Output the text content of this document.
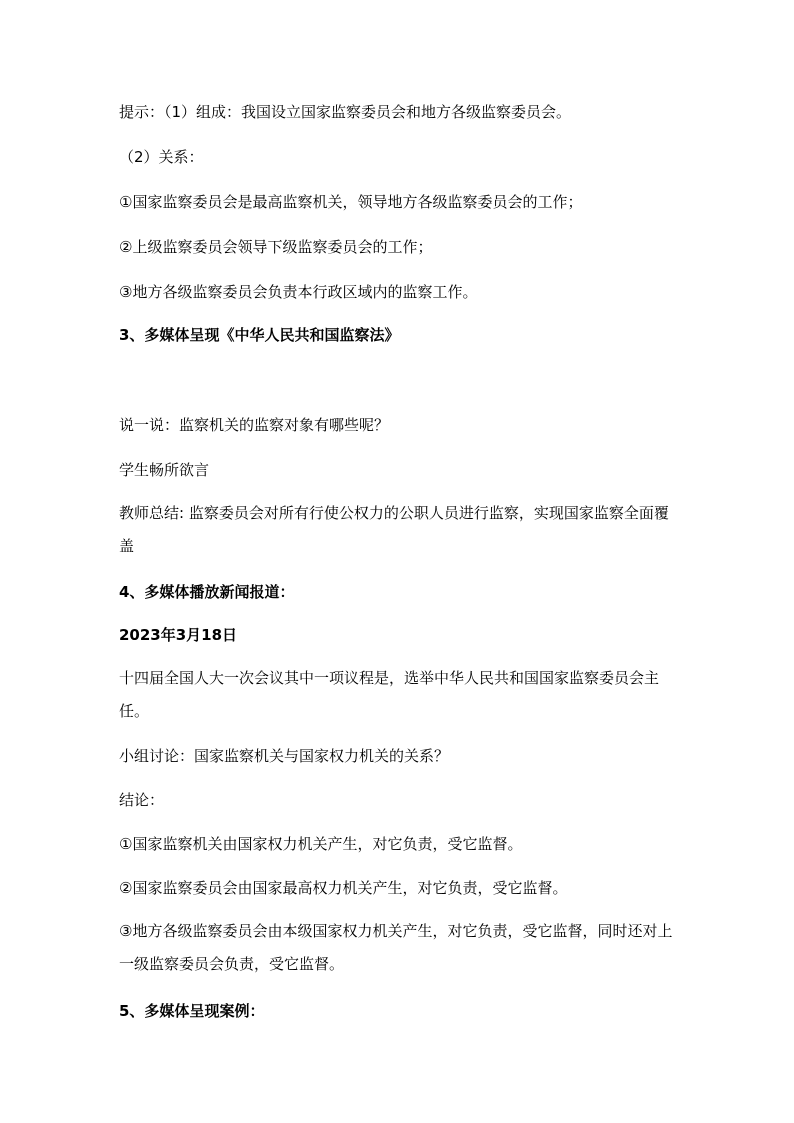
提示：（1）组成：我国设立国家监察委员会和地方各级监察委员会。
（2）关系：
①国家监察委员会是最高监察机关，领导地方各级监察委员会的工作；
②上级监察委员会领导下级监察委员会的工作；
③地方各级监察委员会负责本行政区域内的监察工作。
3、多媒体呈现《中华人民共和国监察法》
说一说：监察机关的监察对象有哪些呢？
学生畅所欲言
教师总结: 监察委员会对所有行使公权力的公职人员进行监察，实现国家监察全面覆盖
4、多媒体播放新闻报道：
2023年3月18日
十四届全国人大一次会议其中一项议程是，选举中华人民共和国国家监察委员会主任。
小组讨论：国家监察机关与国家权力机关的关系？
结论：
①国家监察机关由国家权力机关产生，对它负责，受它监督。
②国家监察委员会由国家最高权力机关产生，对它负责，受它监督。
③地方各级监察委员会由本级国家权力机关产生，对它负责，受它监督，同时还对上一级监察委员会负责，受它监督。
5、多媒体呈现案例：
